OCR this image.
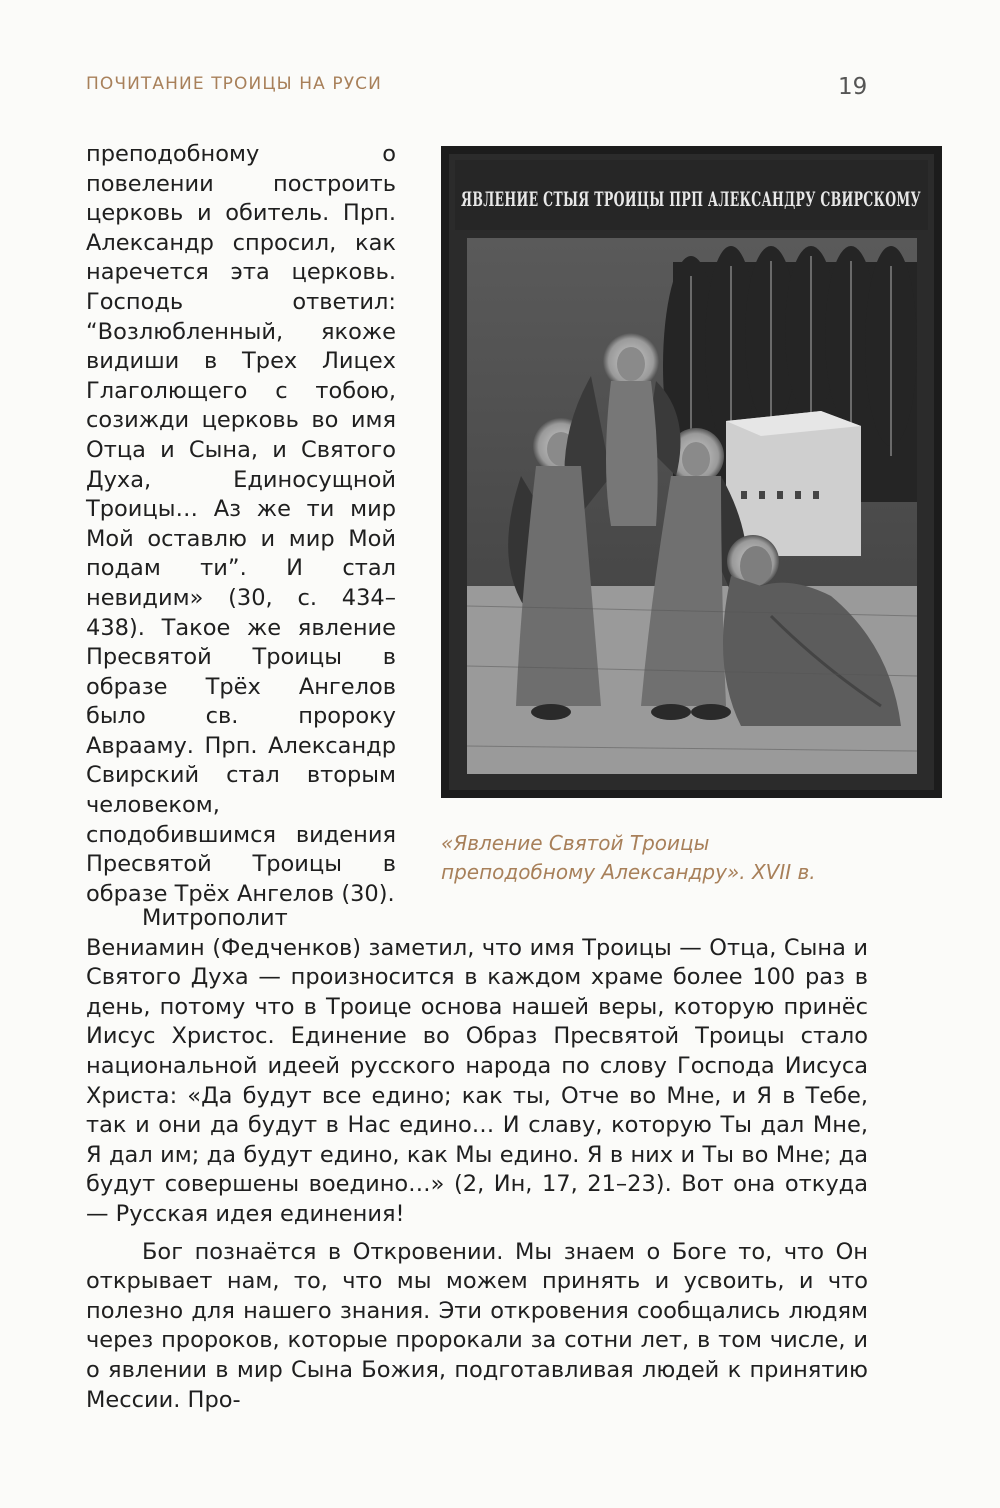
ПОЧИТАНИЕ ТРОИЦЫ НА РУСИ	19

преподобному о повелении построить церковь и обитель. Прп. Александр спросил, как наречется эта церковь. Господь ответил: “Возлюбленный, якоже видиши в Трех Лицех Глаголющего с тобою, созижди церковь во имя Отца и Сына, и Святого Духа, Единосущной Троицы… Аз же ти мир Мой оставлю и мир Мой подам ти”. И стал невидим» (30, с. 434–438). Такое же явление Пресвятой Троицы в образе Трёх Ангелов было св. пророку Аврааму. Прп. Александр Свирский стал вторым человеком, сподобившимся видения Пресвятой Троицы в образе Трёх Ангелов (30).

ЯВЛЕНИЕ СТЫЯ ТРОИЦЫ ПРП АЛЕКСАНДРУ СВИРСКОМУ
«Явление Святой Троицы
преподобному Александру». XVII в.

Митрополит Вениамин (Федченков) заметил, что имя Троицы — Отца, Сына и Святого Духа — произносится в каждом храме более 100 раз в день, потому что в Троице основа нашей веры, которую принёс Иисус Христос. Единение во Образ Пресвятой Троицы стало национальной идеей русского народа по слову Господа Иисуса Христа: «Да будут все едино; как ты, Отче во Мне, и Я в Тебе, так и они да будут в Нас едино… И славу, которую Ты дал Мне, Я дал им; да будут едино, как Мы едино. Я в них и Ты во Мне; да будут совершены воедино…» (2, Ин, 17, 21–23). Вот она откуда — Русская идея единения!

Бог познаётся в Откровении. Мы знаем о Боге то, что Он открывает нам, то, что мы можем принять и усвоить, и что полезно для нашего знания. Эти откровения сообщались людям через пророков, которые пророкали за сотни лет, в том числе, и о явлении в мир Сына Божия, подготавливая людей к принятию Мессии. Про-
